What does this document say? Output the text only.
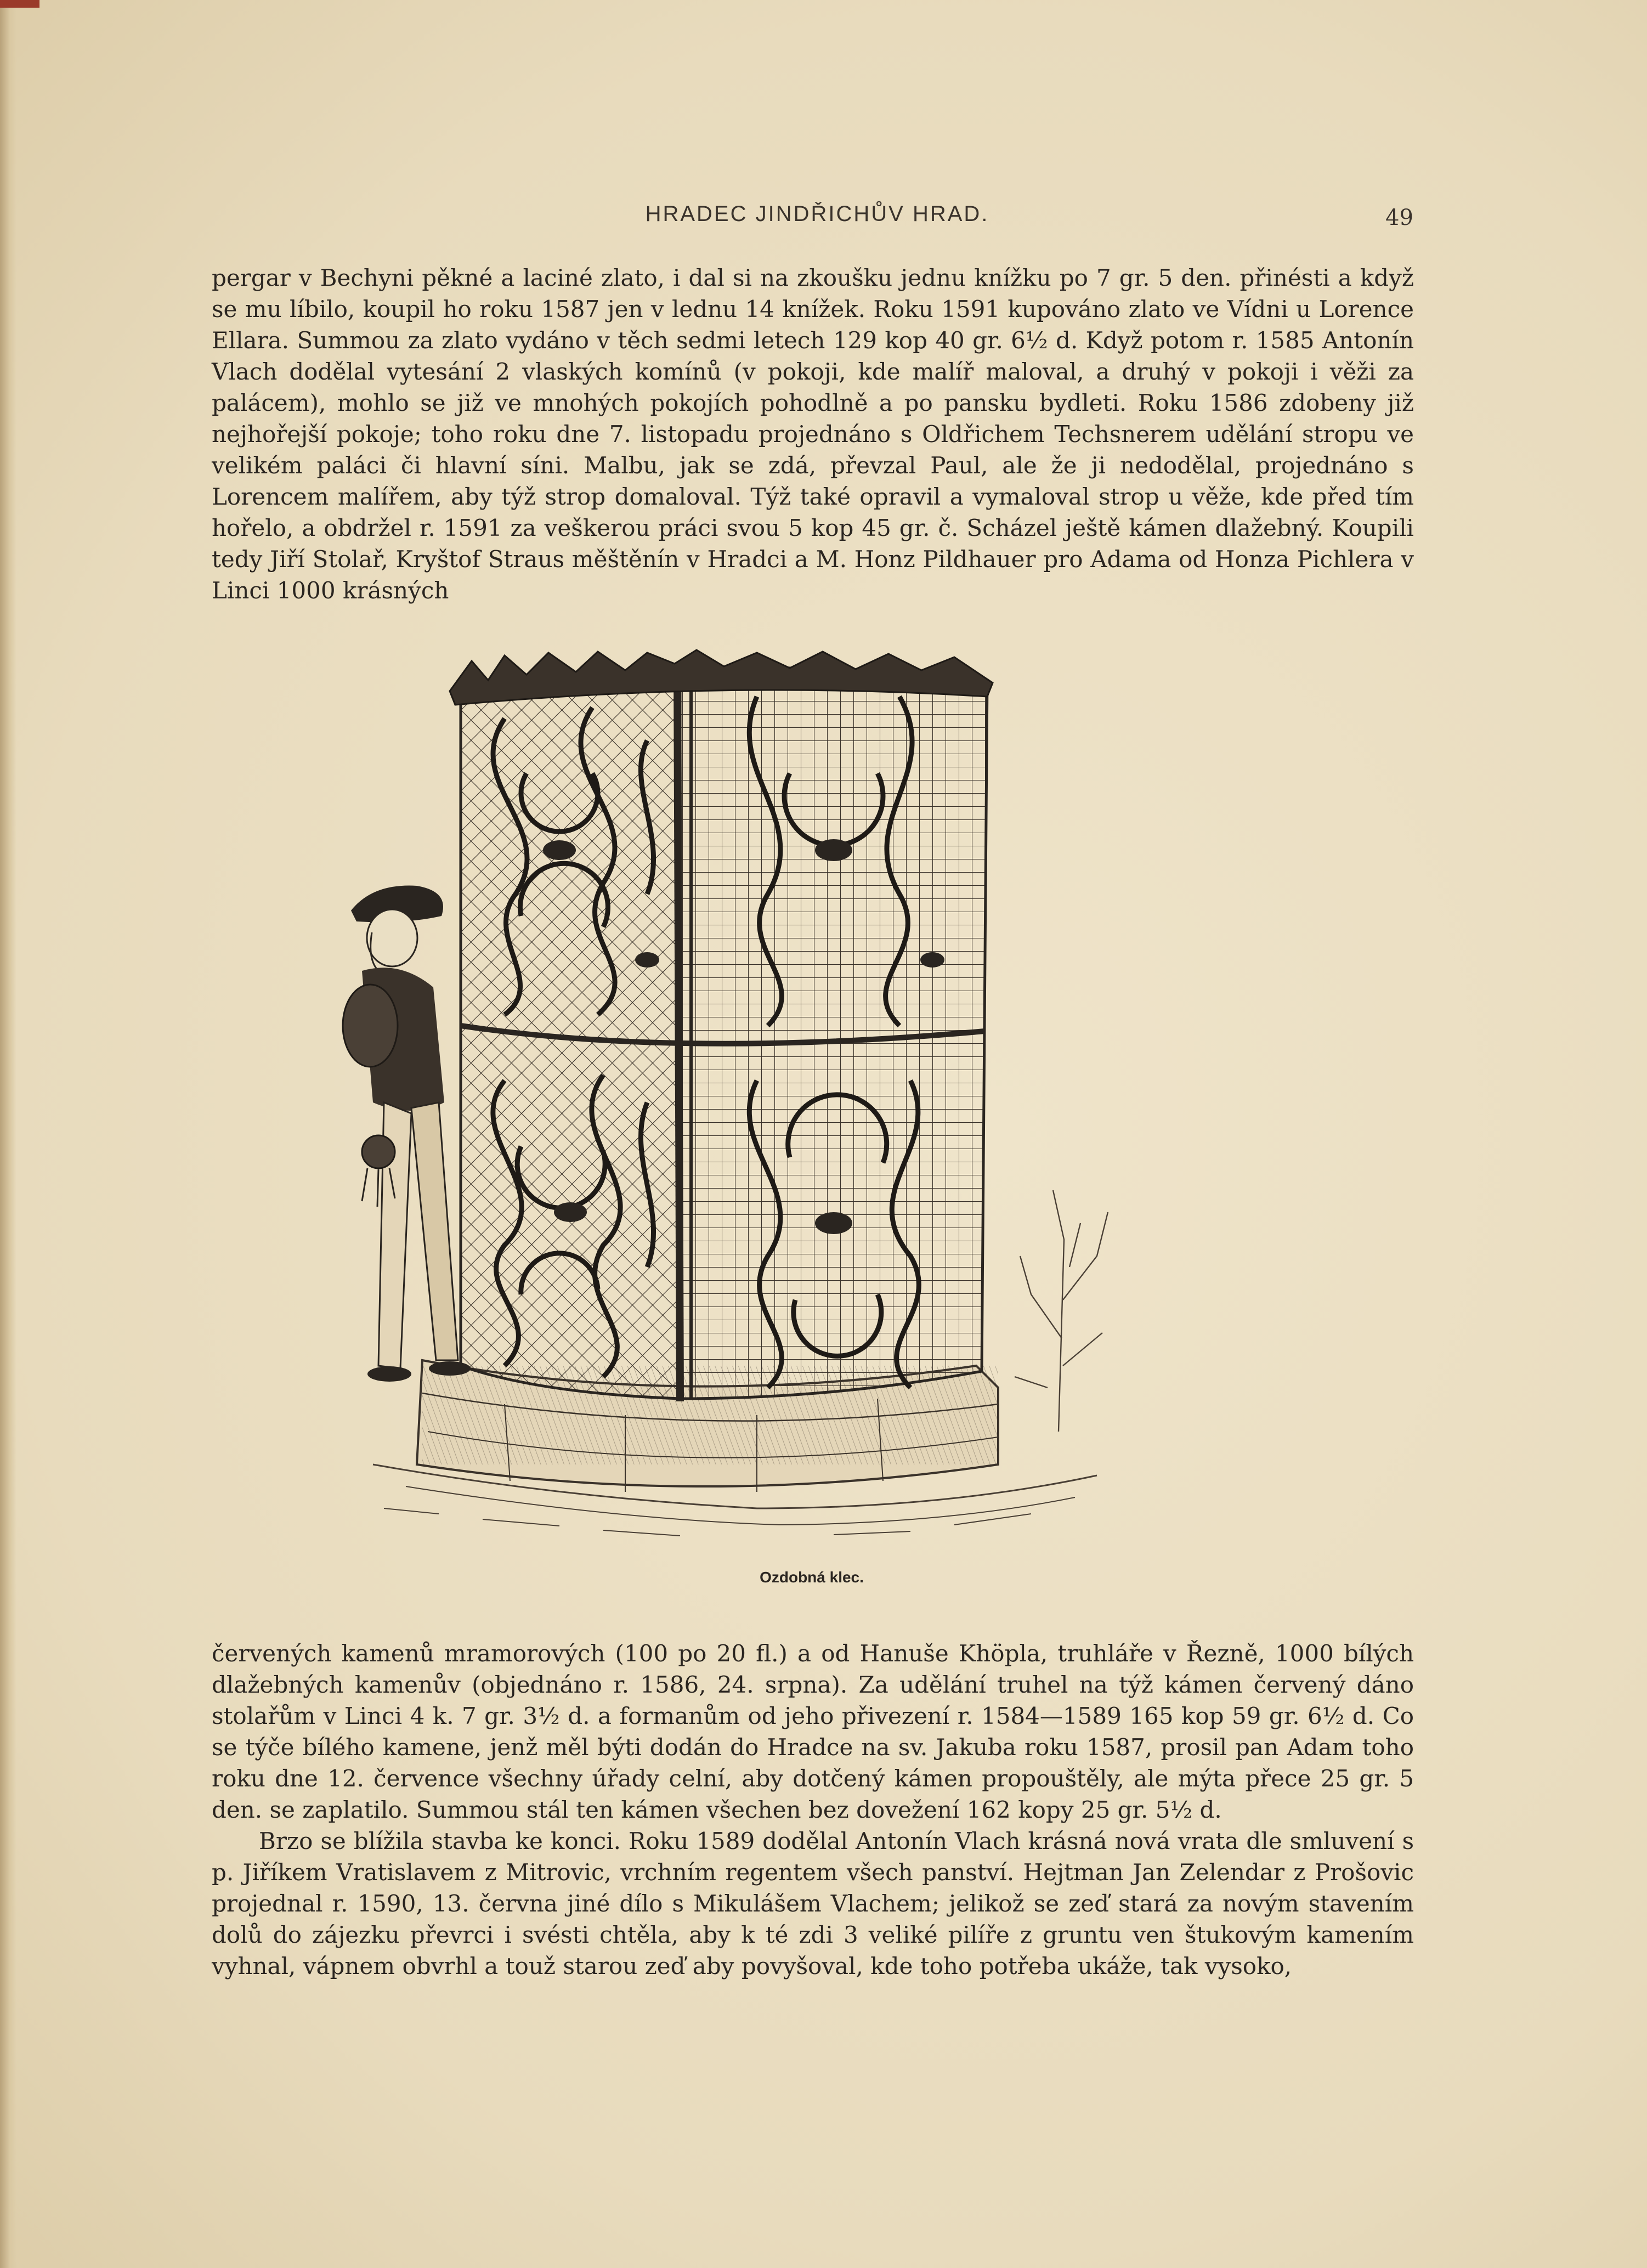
HRADEC JINDŘICHŮV HRAD.	49

pergar v Bechyni pěkné a laciné zlato, i dal si na zkoušku jednu knížku po 7 gr. 5 den. přinésti a když se mu líbilo, koupil ho roku 1587 jen v lednu 14 knížek. Roku 1591 kupováno zlato ve Vídni u Lorence Ellara. Summou za zlato vydáno v těch sedmi letech 129 kop 40 gr. 6½ d. Když potom r. 1585 Antonín Vlach dodělal vytesání 2 vlaských komínů (v pokoji, kde malíř maloval, a druhý v pokoji i věži za palácem), mohlo se již ve mnohých pokojích pohodlně a po pansku bydleti. Roku 1586 zdobeny již nejhořejší pokoje; toho roku dne 7. listopadu projednáno s Oldřichem Techsnerem udělání stropu ve velikém paláci či hlavní síni. Malbu, jak se zdá, převzal Paul, ale že ji nedodělal, projednáno s Lorencem malířem, aby týž strop domaloval. Týž také opravil a vymaloval strop u věže, kde před tím hořelo, a obdržel r. 1591 za veškerou práci svou 5 kop 45 gr. č. Scházel ještě kámen dlažebný. Koupili tedy Jiří Stolař, Kryštof Straus měštěnín v Hradci a M. Honz Pildhauer pro Adama od Honza Pichlera v Linci 1000 krásných

Ozdobná klec.

červených kamenů mramorových (100 po 20 fl.) a od Hanuše Khöpla, truhláře v Řezně, 1000 bílých dlažebných kamenův (objednáno r. 1586, 24. srpna). Za udělání truhel na týž kámen červený dáno stolařům v Linci 4 k. 7 gr. 3½ d. a formanům od jeho přivezení r. 1584—1589 165 kop 59 gr. 6½ d. Co se týče bílého kamene, jenž měl býti dodán do Hradce na sv. Jakuba roku 1587, prosil pan Adam toho roku dne 12. července všechny úřady celní, aby dotčený kámen propouštěly, ale mýta přece 25 gr. 5 den. se zaplatilo. Summou stál ten kámen všechen bez dovežení 162 kopy 25 gr. 5½ d.

Brzo se blížila stavba ke konci. Roku 1589 dodělal Antonín Vlach krásná nová vrata dle smluvení s p. Jiříkem Vratislavem z Mitrovic, vrchním regentem všech panství. Hejtman Jan Zelendar z Prošovic projednal r. 1590, 13. června jiné dílo s Mikulášem Vlachem; jelikož se zeď stará za novým stavením dolů do zájezku převrci i svésti chtěla, aby k té zdi 3 veliké pilíře z gruntu ven štukovým kamením vyhnal, vápnem obvrhl a touž starou zeď aby povyšoval, kde toho potřeba ukáže, tak vysoko,
